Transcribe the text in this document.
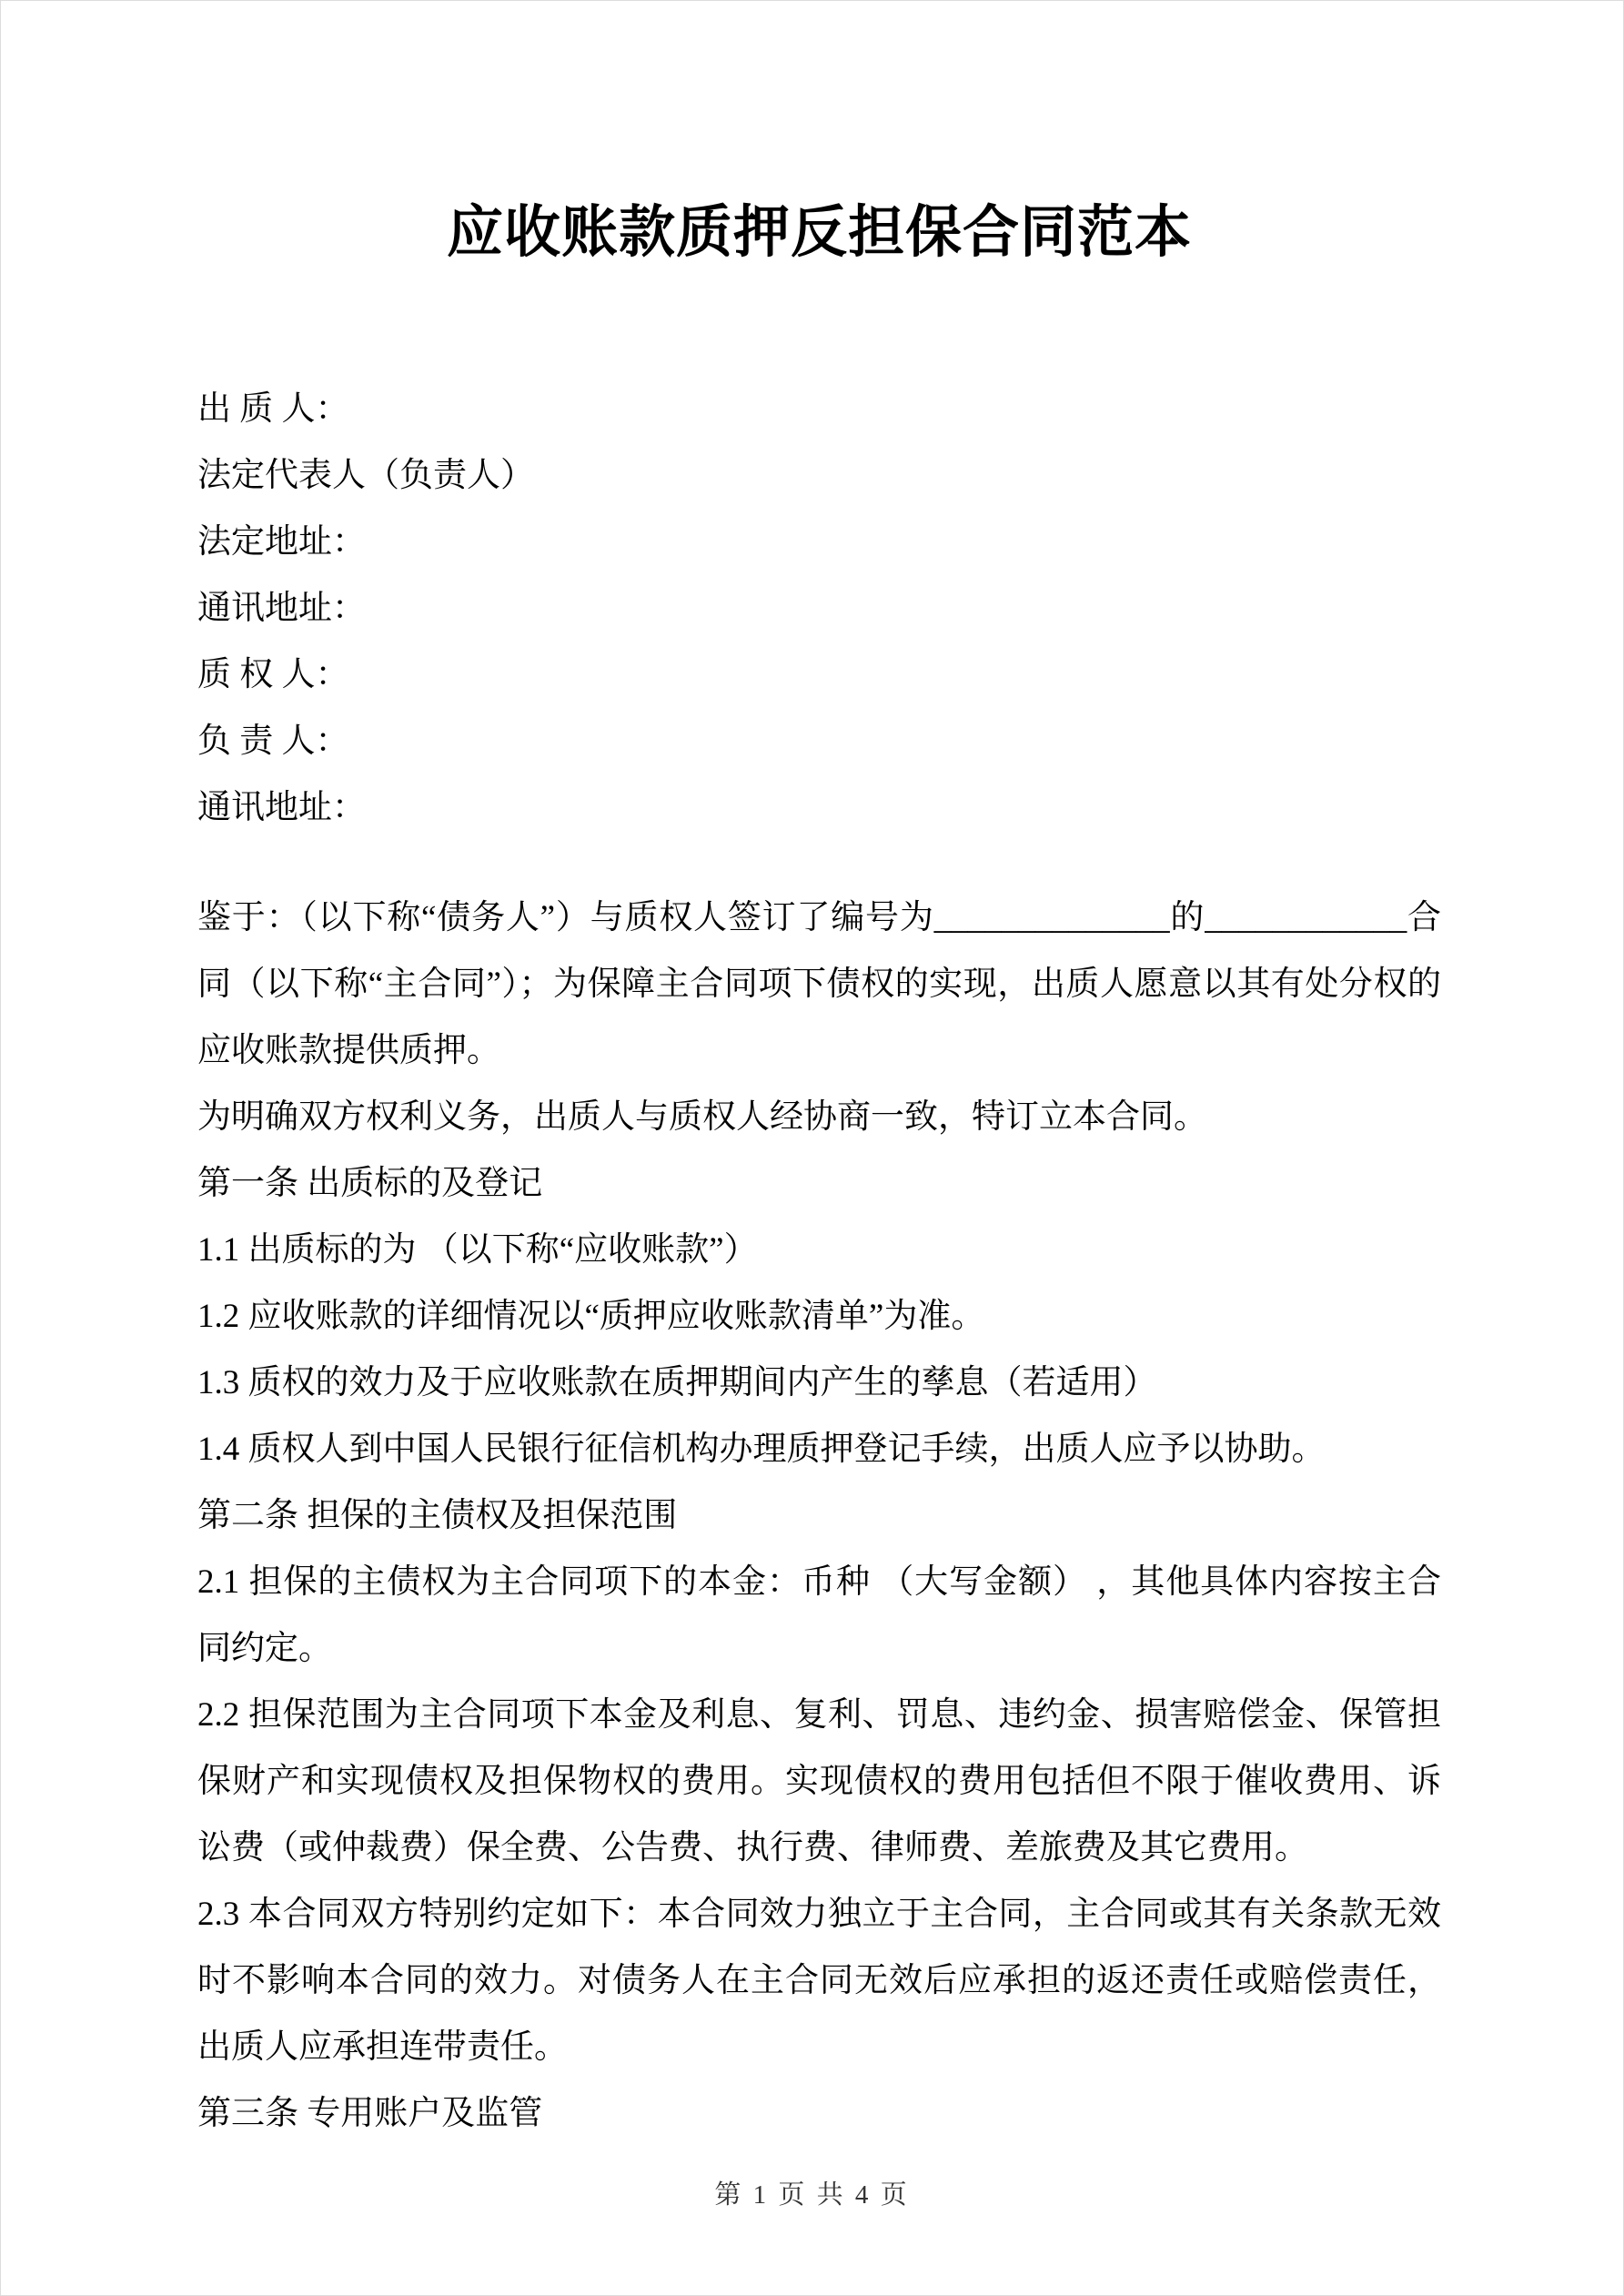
应收账款质押反担保合同范本
出 质 人：
法定代表人（负责人）
法定地址：
通讯地址：
质 权 人：
负 责 人：
通讯地址：

鉴于：（以下称“债务人”）与质权人签订了编号为______________的____________合同（以下称“主合同”）；为保障主合同项下债权的实现，出质人愿意以其有处分权的应收账款提供质押。

为明确双方权利义务，出质人与质权人经协商一致，特订立本合同。

第一条 出质标的及登记

1.1 出质标的为 （以下称“应收账款”）

1.2 应收账款的详细情况以“质押应收账款清单”为准。

1.3 质权的效力及于应收账款在质押期间内产生的孳息（若适用）

1.4 质权人到中国人民银行征信机构办理质押登记手续，出质人应予以协助。

第二条 担保的主债权及担保范围

2.1 担保的主债权为主合同项下的本金：币种 （大写金额） ，其他具体内容按主合同约定。

2.2 担保范围为主合同项下本金及利息、复利、罚息、违约金、损害赔偿金、保管担保财产和实现债权及担保物权的费用。实现债权的费用包括但不限于催收费用、诉讼费（或仲裁费）保全费、公告费、执行费、律师费、差旅费及其它费用。

2.3 本合同双方特别约定如下：本合同效力独立于主合同，主合同或其有关条款无效时不影响本合同的效力。对债务人在主合同无效后应承担的返还责任或赔偿责任，出质人应承担连带责任。

第三条 专用账户及监管

第 1 页 共 4 页
